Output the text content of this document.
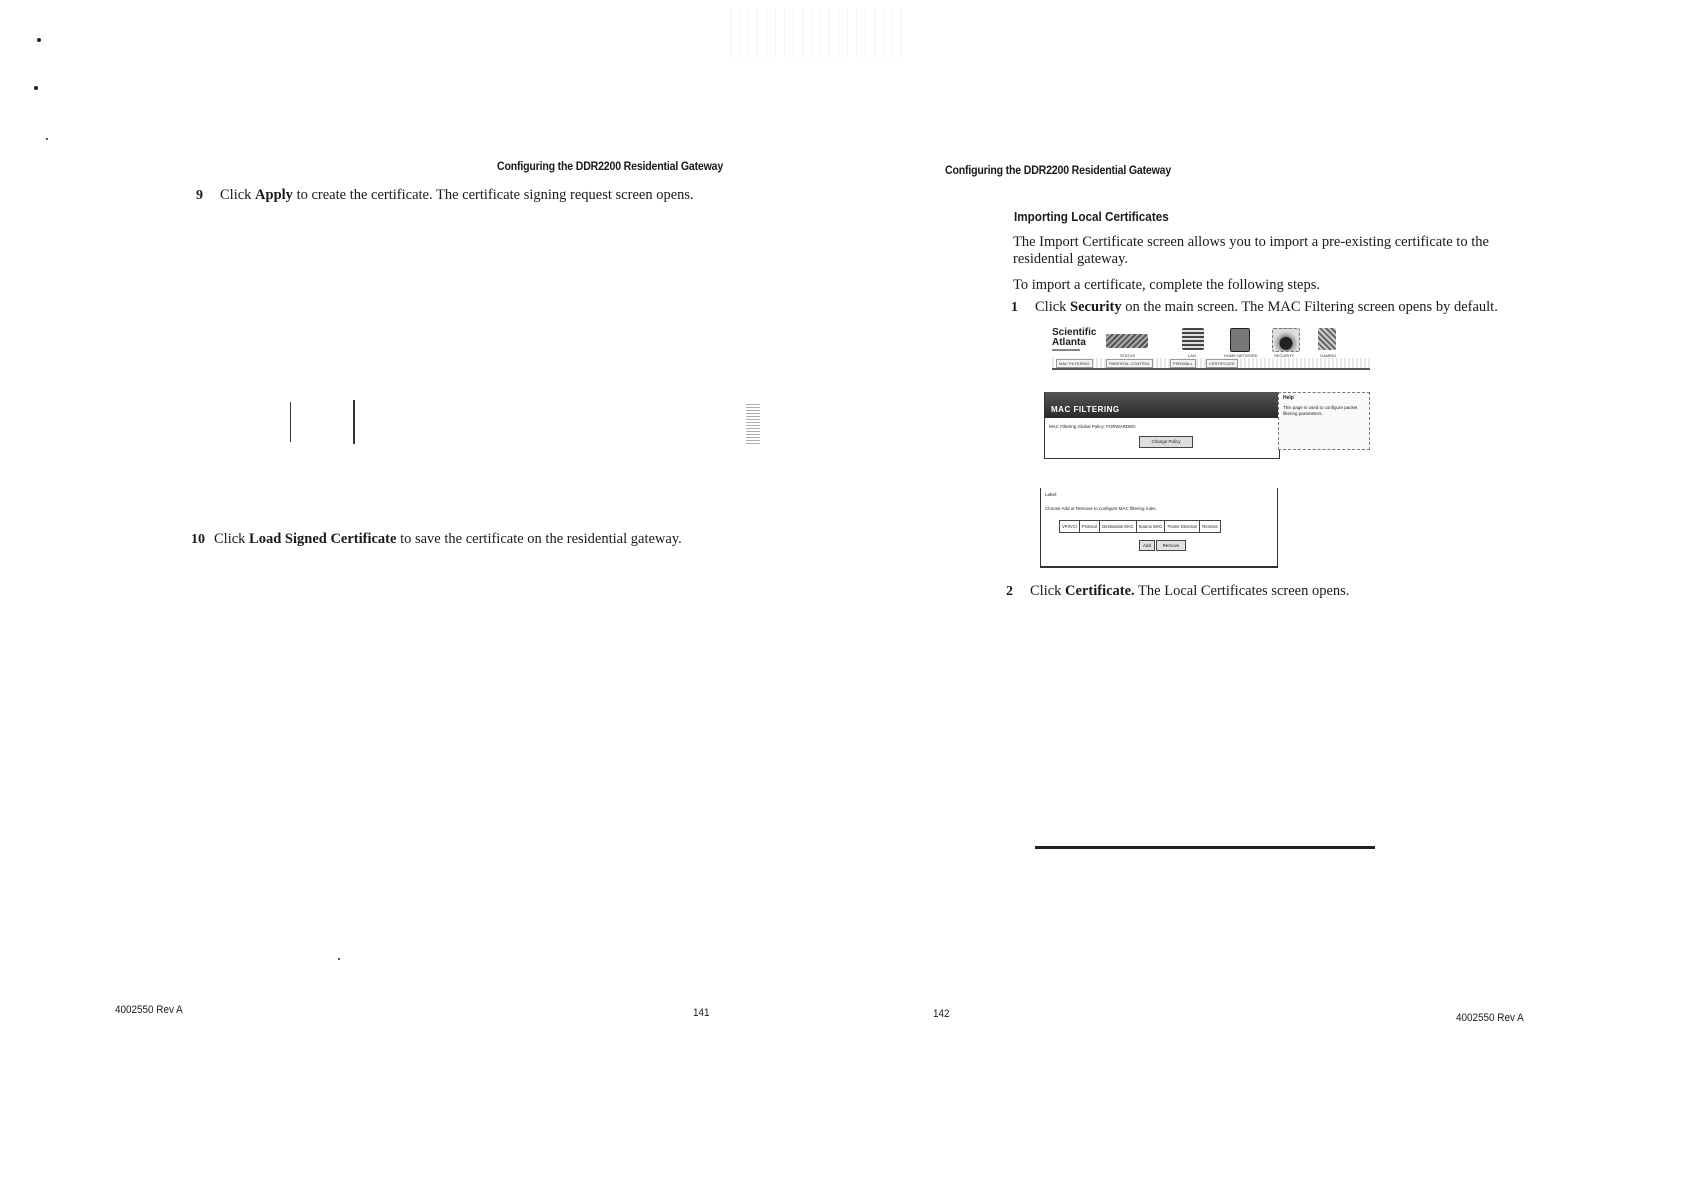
Configuring the DDR2200 Residential Gateway
9 Click Apply to create the certificate. The certificate signing request screen opens.
10 Click Load Signed Certificate to save the certificate on the residential gateway.
4002550 Rev A	141
Configuring the DDR2200 Residential Gateway
Importing Local Certificates
The Import Certificate screen allows you to import a pre-existing certificate to the residential gateway.
To import a certificate, complete the following steps.
1 Click Security on the main screen. The MAC Filtering screen opens by default.
Scientific
Atlanta
STATUS	LAN	HOME NETWORK	SECURITY	GAMING
MAC FILTERING	PARENTAL CONTROL	FIREWALL	CERTIFICATE
MAC FILTERING
MAC Filtering Global Policy: FORWARDED
Change Policy
Help
This page is used to configure packet filtering parameters.
Label:
Choose Add or Remove to configure MAC filtering rules.
VPI/VCI	Protocol	Destination MAC	Source MAC	Frame Direction	Remove
Add	Remove
2 Click Certificate. The Local Certificates screen opens.
142	4002550 Rev A
